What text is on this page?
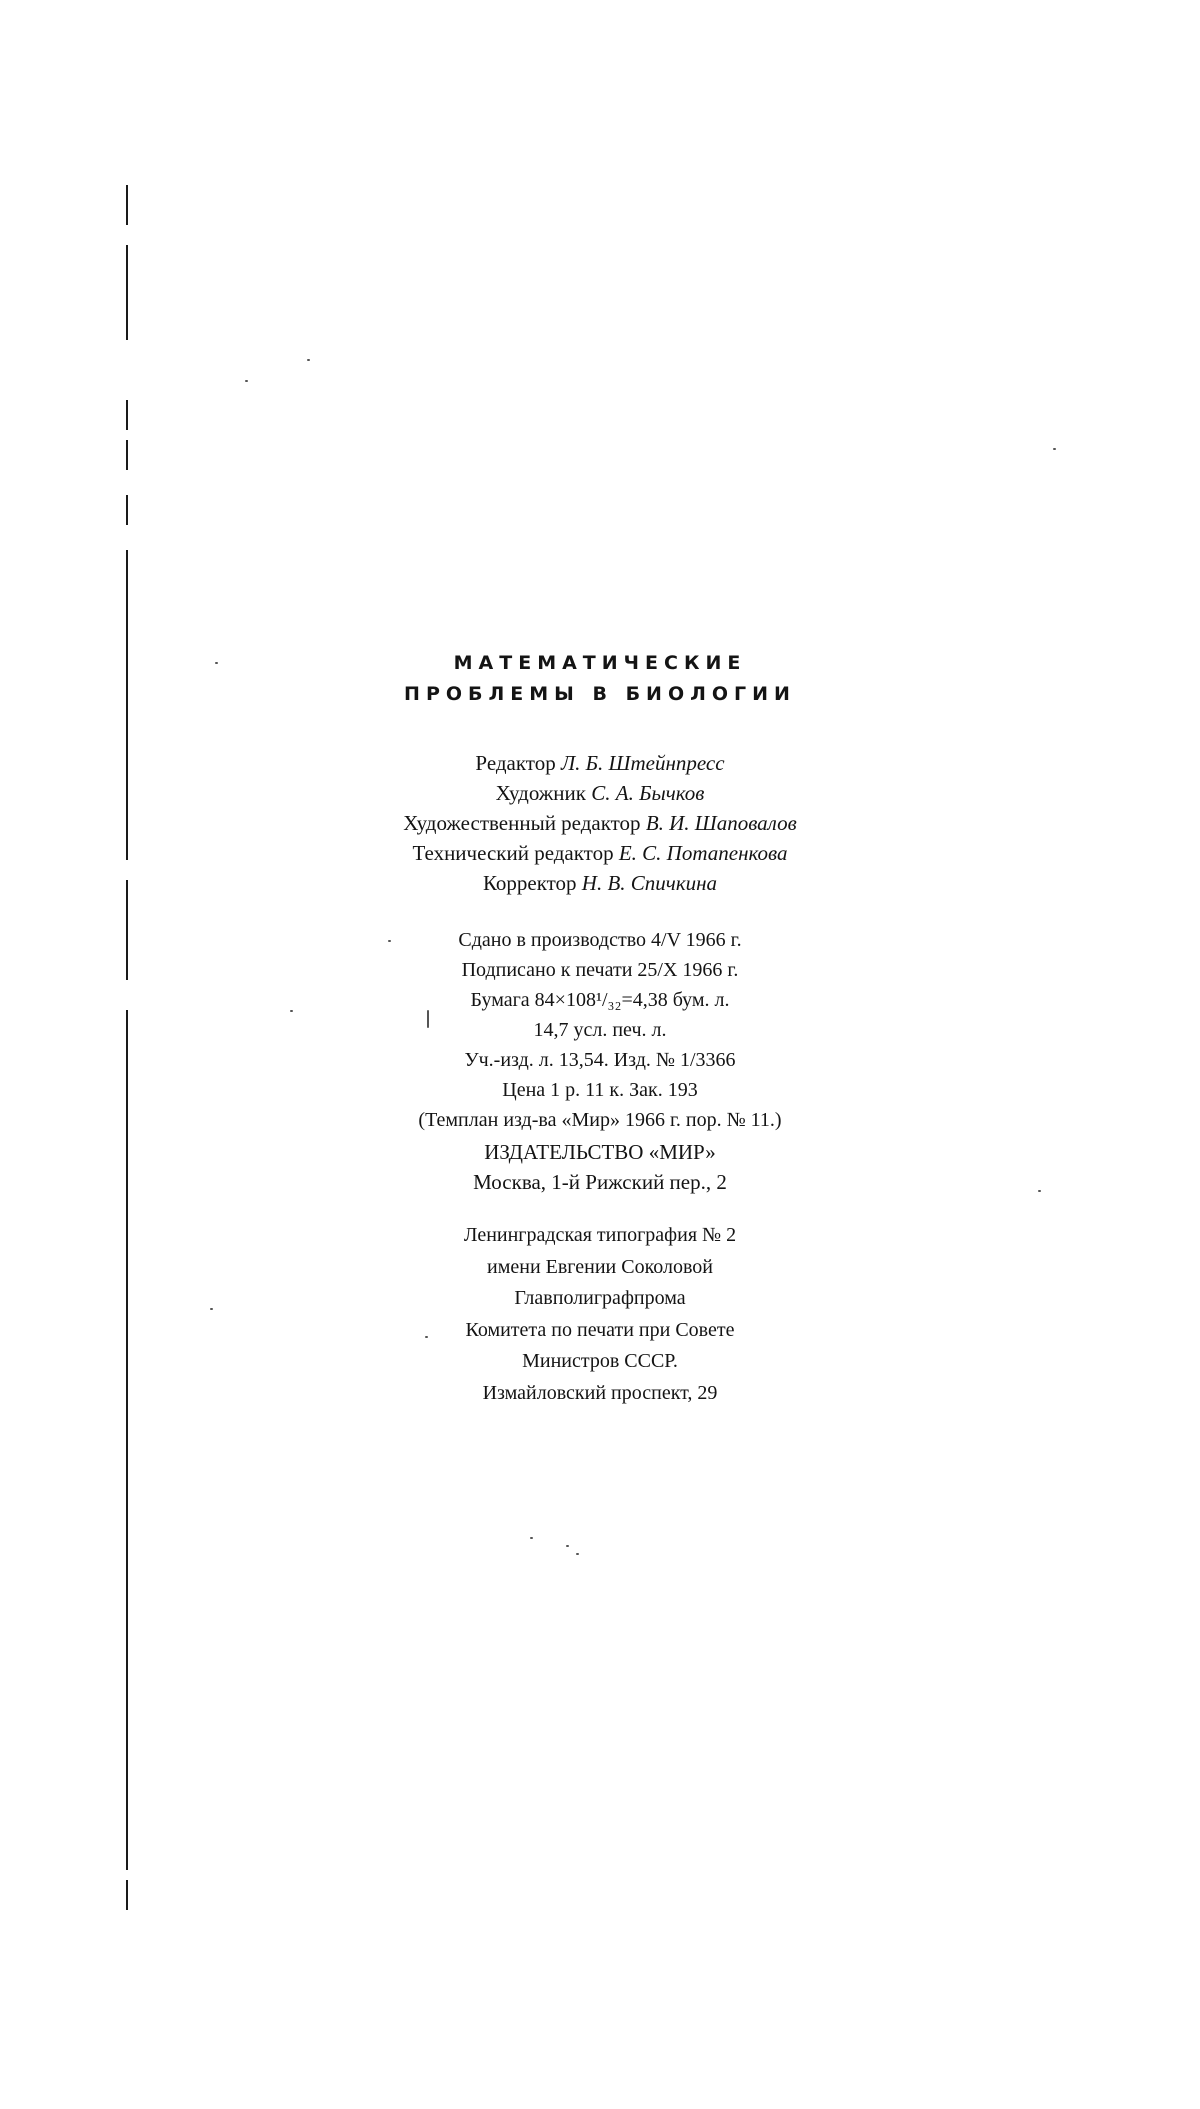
МАТЕМАТИЧЕСКИЕ
ПРОБЛЕМЫ В БИОЛОГИИ
Редактор Л. Б. Штейнпресс
Художник С. А. Бычков
Художественный редактор В. И. Шаповалов
Технический редактор Е. С. Потапенкова
Корректор Н. В. Спичкина
Сдано в производство 4/V 1966 г.
Подписано к печати 25/X 1966 г.
Бумага 84×108¹/₃₂=4,38 бум. л.
14,7 усл. печ. л.
Уч.-изд. л. 13,54. Изд. № 1/3366
Цена 1 р. 11 к. Зак. 193
(Темплан изд-ва «Мир» 1966 г. пор. № 11.)
ИЗДАТЕЛЬСТВО «МИР»
Москва, 1-й Рижский пер., 2
Ленинградская типография № 2
имени Евгении Соколовой
Главполиграфпрома
Комитета по печати при Совете
Министров СССР.
Измайловский проспект, 29
